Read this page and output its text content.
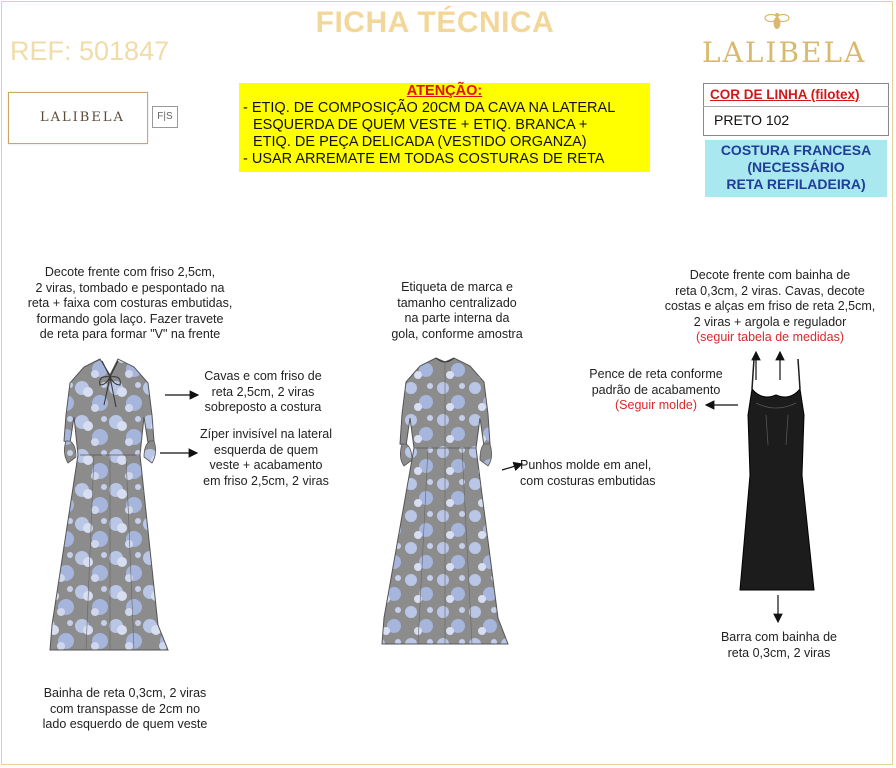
FICHA TÉCNICA
REF: 501847	LALIBELA
LALIBELA	F|S
ATENÇÃO:
- ETIQ. DE COMPOSIÇÃO 20CM DA CAVA NA LATERAL
ESQUERDA DE QUEM VESTE + ETIQ. BRANCA +
ETIQ. DE PEÇA DELICADA (VESTIDO ORGANZA)
- USAR ARREMATE EM TODAS COSTURAS DE RETA
COR DE LINHA (filotex)
PRETO 102
COSTURA FRANCESA
(NECESSÁRIO
RETA REFILADEIRA)
Decote frente com friso 2,5cm,
2 viras, tombado e pespontado na
reta + faixa com costuras embutidas,
formando gola laço. Fazer travete
de reta para formar "V" na frente
Cavas e com friso de
reta 2,5cm, 2 viras
sobreposto a costura
Zíper invisível na lateral
esquerda de quem
veste + acabamento
em friso 2,5cm, 2 viras
Bainha de reta 0,3cm, 2 viras
com transpasse de 2cm no
lado esquerdo de quem veste
Etiqueta de marca e
tamanho centralizado
na parte interna da
gola, conforme amostra
Punhos molde em anel,
com costuras embutidas
Decote frente com bainha de
reta 0,3cm, 2 viras. Cavas, decote
costas e alças em friso de reta 2,5cm,
2 viras + argola e regulador
(seguir tabela de medidas)
Pence de reta conforme
padrão de acabamento
(Seguir molde)
Barra com bainha de
reta 0,3cm, 2 viras
